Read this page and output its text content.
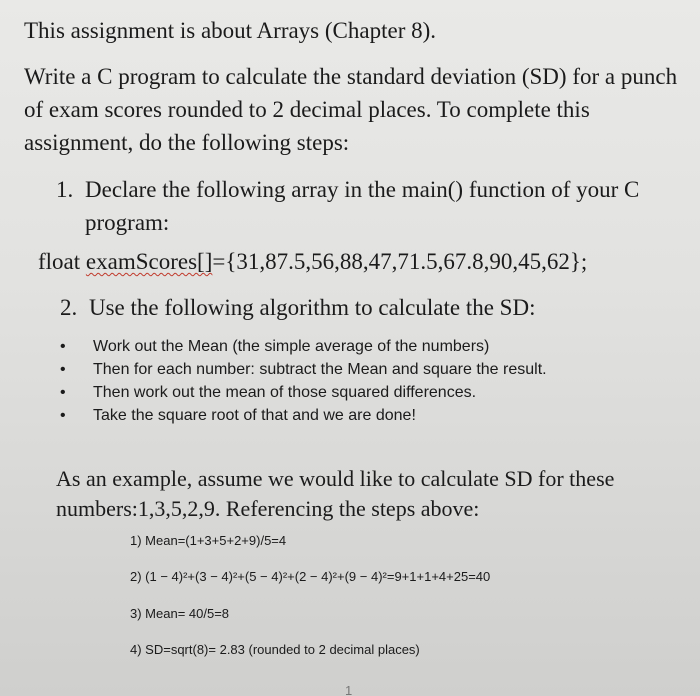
This assignment is about Arrays (Chapter 8).
Write a C program to calculate the standard deviation (SD) for a punch
of exam scores rounded to 2 decimal places. To complete this
assignment, do the following steps:
1. Declare the following array in the main() function of your C
program:
float examScores[]={31,87.5,56,88,47,71.5,67.8,90,45,62};
2. Use the following algorithm to calculate the SD:
• Work out the Mean (the simple average of the numbers)
• Then for each number: subtract the Mean and square the result.
• Then work out the mean of those squared differences.
• Take the square root of that and we are done!
As an example, assume we would like to calculate SD for these
numbers:1,3,5,2,9. Referencing the steps above:
1) Mean=(1+3+5+2+9)/5=4
2) (1 − 4)²+(3 − 4)²+(5 − 4)²+(2 − 4)²+(9 − 4)²=9+1+1+4+25=40
3) Mean= 40/5=8
4) SD=sqrt(8)= 2.83 (rounded to 2 decimal places)
1
